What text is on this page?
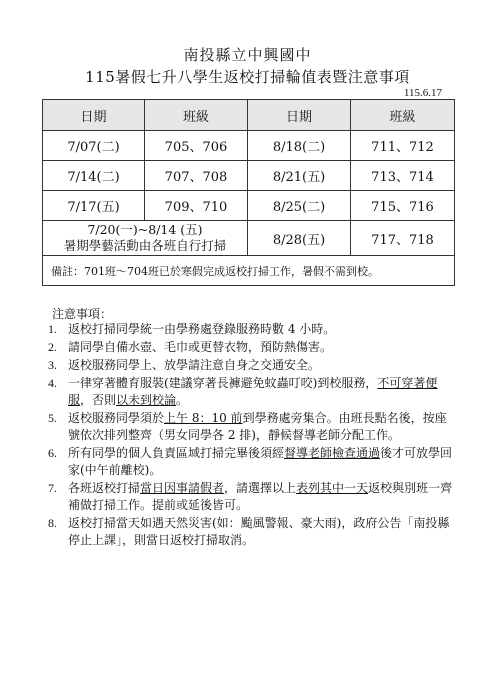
南投縣立中興國中
115暑假七升八學生返校打掃輪值表暨注意事項
115.6.17
日期	班級	日期	班級
7/07(二)	705、706	8/18(二)	711、712
7/14(二)	707、708	8/21(五)	713、714
7/17(五)	709、710	8/25(二)	715、716

7/20(一)~8/14 (五)
暑期學藝活動由各班自行打掃		8/28(五)	717、718
備註：701班～704班已於寒假完成返校打掃工作，暑假不需到校。			
注意事項：
1. 返校打掃同學統一由學務處登錄服務時數 4 小時。
2. 請同學自備水壺、毛巾或更替衣物，預防熱傷害。
3. 返校服務同學上、放學請注意自身之交通安全。
4. 一律穿著體育服裝(建議穿著長褲避免蚊蟲叮咬)到校服務，不可穿著便服，否則以未到校論。
5. 返校服務同學須於上午 8：10 前到學務處旁集合。由班長點名後，按座號依次排列整齊（男女同學各 2 排)，靜候督導老師分配工作。
6. 所有同學的個人負責區域打掃完畢後須經督導老師檢查通過後才可放學回家(中午前離校)。
7. 各班返校打掃當日因事請假者，請選擇以上表列其中一天返校與別班一齊補做打掃工作。提前或延後皆可。
8. 返校打掃當天如遇天然災害(如：颱風警報、豪大雨)，政府公告「南投縣停止上課」，則當日返校打掃取消。
